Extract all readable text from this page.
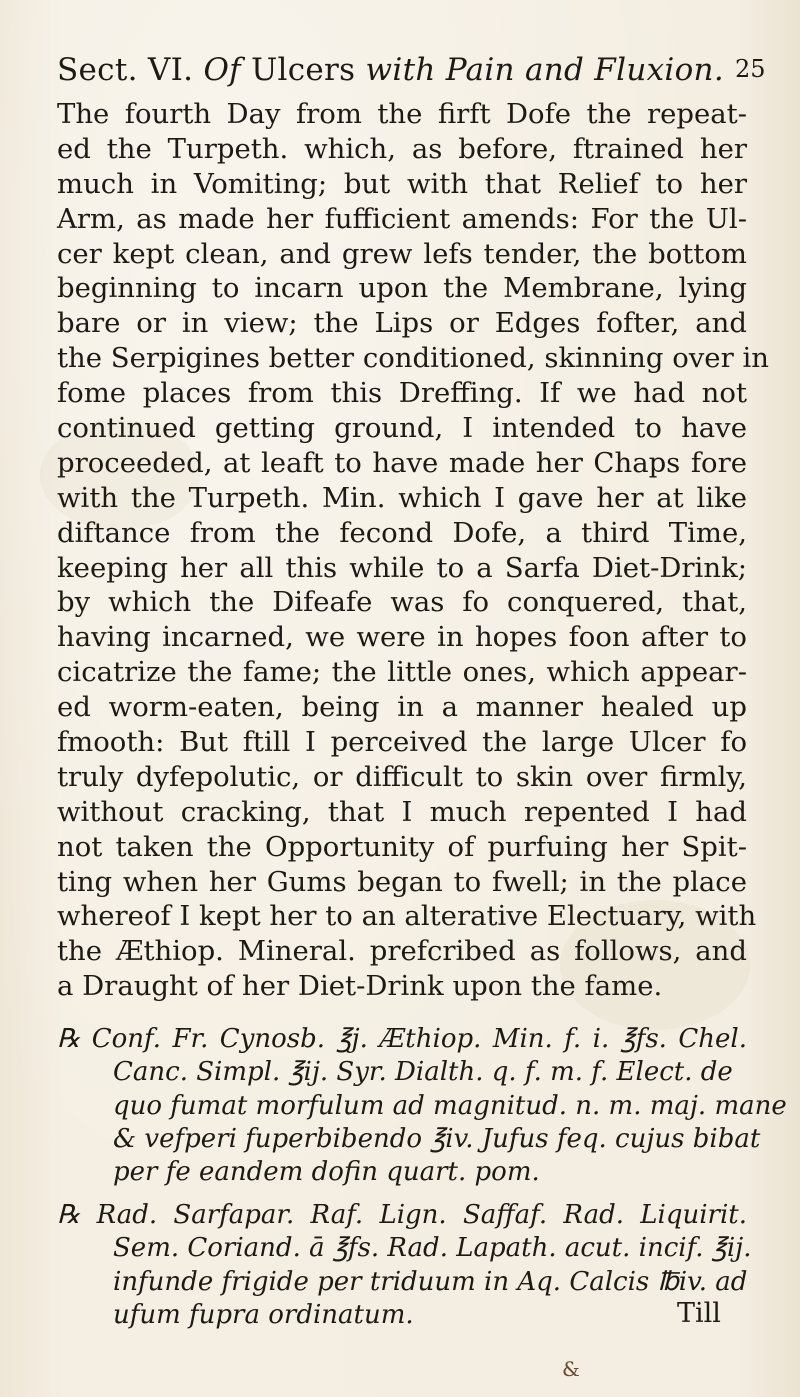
Sect. VI. Of Ulcers with Pain and Fluxion. 25
The fourth Day from the firft Dofe the repeat-
ed the Turpeth. which, as before, ftrained her
much in Vomiting; but with that Relief to her
Arm, as made her fufficient amends: For the Ul-
cer kept clean, and grew lefs tender, the bottom
beginning to incarn upon the Membrane, lying
bare or in view; the Lips or Edges fofter, and
the Serpigines better conditioned, skinning over in
fome places from this Dreffing. If we had not
continued getting ground, I intended to have
proceeded, at leaft to have made her Chaps fore
with the Turpeth. Min. which I gave her at like
diftance from the fecond Dofe, a third Time,
keeping her all this while to a Sarfa Diet-Drink;
by which the Difeafe was fo conquered, that,
having incarned, we were in hopes foon after to
cicatrize the fame; the little ones, which appear-
ed worm-eaten, being in a manner healed up
fmooth: But ftill I perceived the large Ulcer fo
truly dyfepolutic, or difficult to skin over firmly,
without cracking, that I much repented I had
not taken the Opportunity of purfuing her Spit-
ting when her Gums began to fwell; in the place
whereof I kept her to an alterative Electuary, with
the Æthiop. Mineral. prefcribed as follows, and
a Draught of her Diet-Drink upon the fame.
℞ Conf. Fr. Cynosb. ℥j. Æthiop. Min. f. i. ℥fs. Chel.
Canc. Simpl. ℥ij. Syr. Dialth. q. f. m. f. Elect. de
quo fumat morfulum ad magnitud. n. m. maj. mane
& vefperi fuperbibendo ℥iv. Jufus feq. cujus bibat
per fe eandem dofin quart. pom.
℞ Rad. Sarfapar. Raf. Lign. Saffaf. Rad. Liquirit.
Sem. Coriand. ā ℥fs. Rad. Lapath. acut. incif. ℥ij.
infunde frigide per triduum in Aq. Calcis ℔iv. ad
ufum fupra ordinatum.	Till
&
